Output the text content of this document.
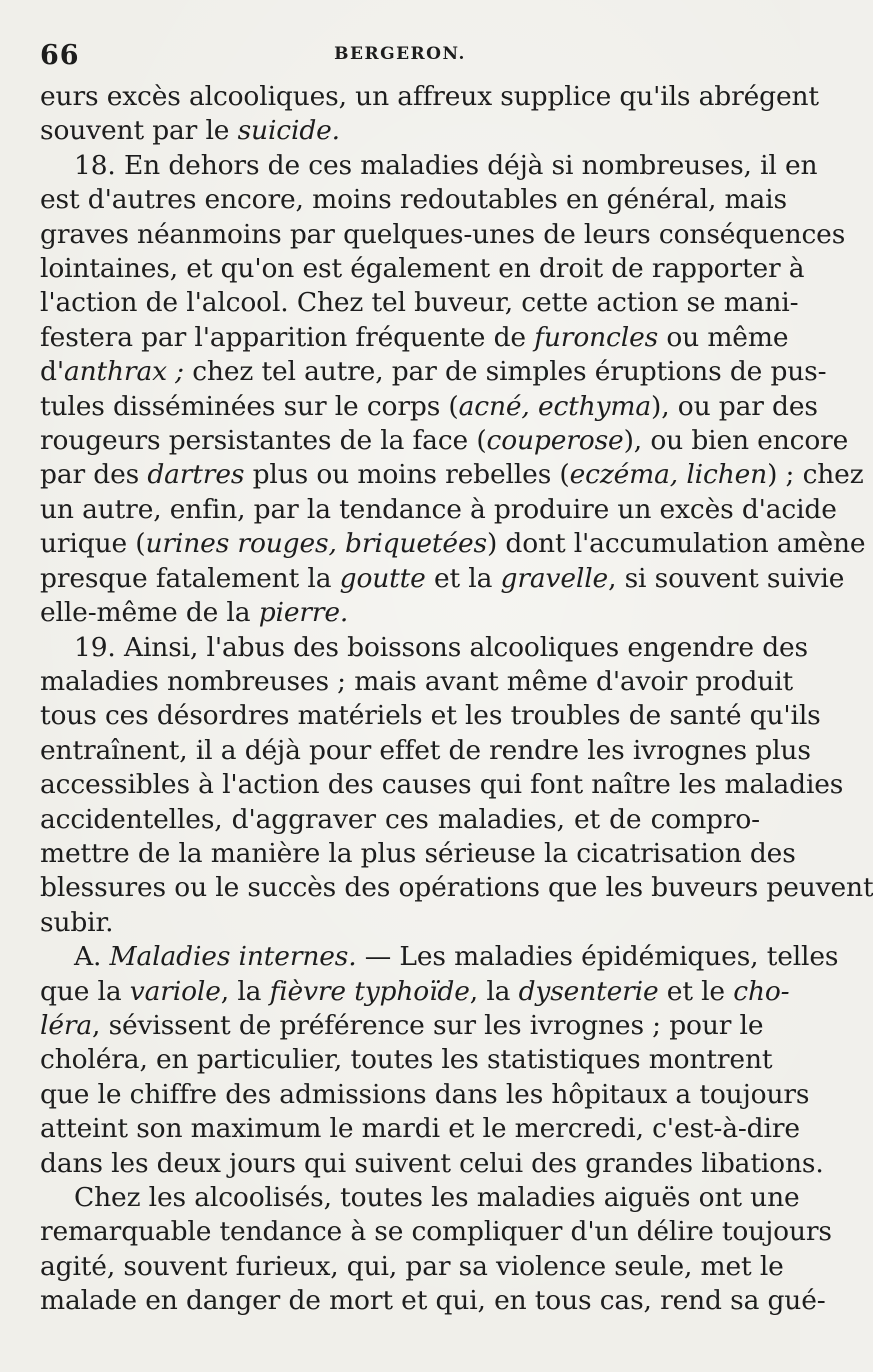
66	BERGERON.
eurs excès alcooliques, un affreux supplice qu'ils abrégent
souvent par le suicide.
18. En dehors de ces maladies déjà si nombreuses, il en
est d'autres encore, moins redoutables en général, mais
graves néanmoins par quelques-unes de leurs conséquences
lointaines, et qu'on est également en droit de rapporter à
l'action de l'alcool. Chez tel buveur, cette action se mani-
festera par l'apparition fréquente de furoncles ou même
d'anthrax ; chez tel autre, par de simples éruptions de pus-
tules disséminées sur le corps (acné, ecthyma), ou par des
rougeurs persistantes de la face (couperose), ou bien encore
par des dartres plus ou moins rebelles (eczéma, lichen) ; chez
un autre, enfin, par la tendance à produire un excès d'acide
urique (urines rouges, briquetées) dont l'accumulation amène
presque fatalement la goutte et la gravelle, si souvent suivie
elle-même de la pierre.
19. Ainsi, l'abus des boissons alcooliques engendre des
maladies nombreuses ; mais avant même d'avoir produit
tous ces désordres matériels et les troubles de santé qu'ils
entraînent, il a déjà pour effet de rendre les ivrognes plus
accessibles à l'action des causes qui font naître les maladies
accidentelles, d'aggraver ces maladies, et de compro-
mettre de la manière la plus sérieuse la cicatrisation des
blessures ou le succès des opérations que les buveurs peuvent
subir.
A. Maladies internes. — Les maladies épidémiques, telles
que la variole, la fièvre typhoïde, la dysenterie et le cho-
léra, sévissent de préférence sur les ivrognes ; pour le
choléra, en particulier, toutes les statistiques montrent
que le chiffre des admissions dans les hôpitaux a toujours
atteint son maximum le mardi et le mercredi, c'est-à-dire
dans les deux jours qui suivent celui des grandes libations.
Chez les alcoolisés, toutes les maladies aiguës ont une
remarquable tendance à se compliquer d'un délire toujours
agité, souvent furieux, qui, par sa violence seule, met le
malade en danger de mort et qui, en tous cas, rend sa gué-
